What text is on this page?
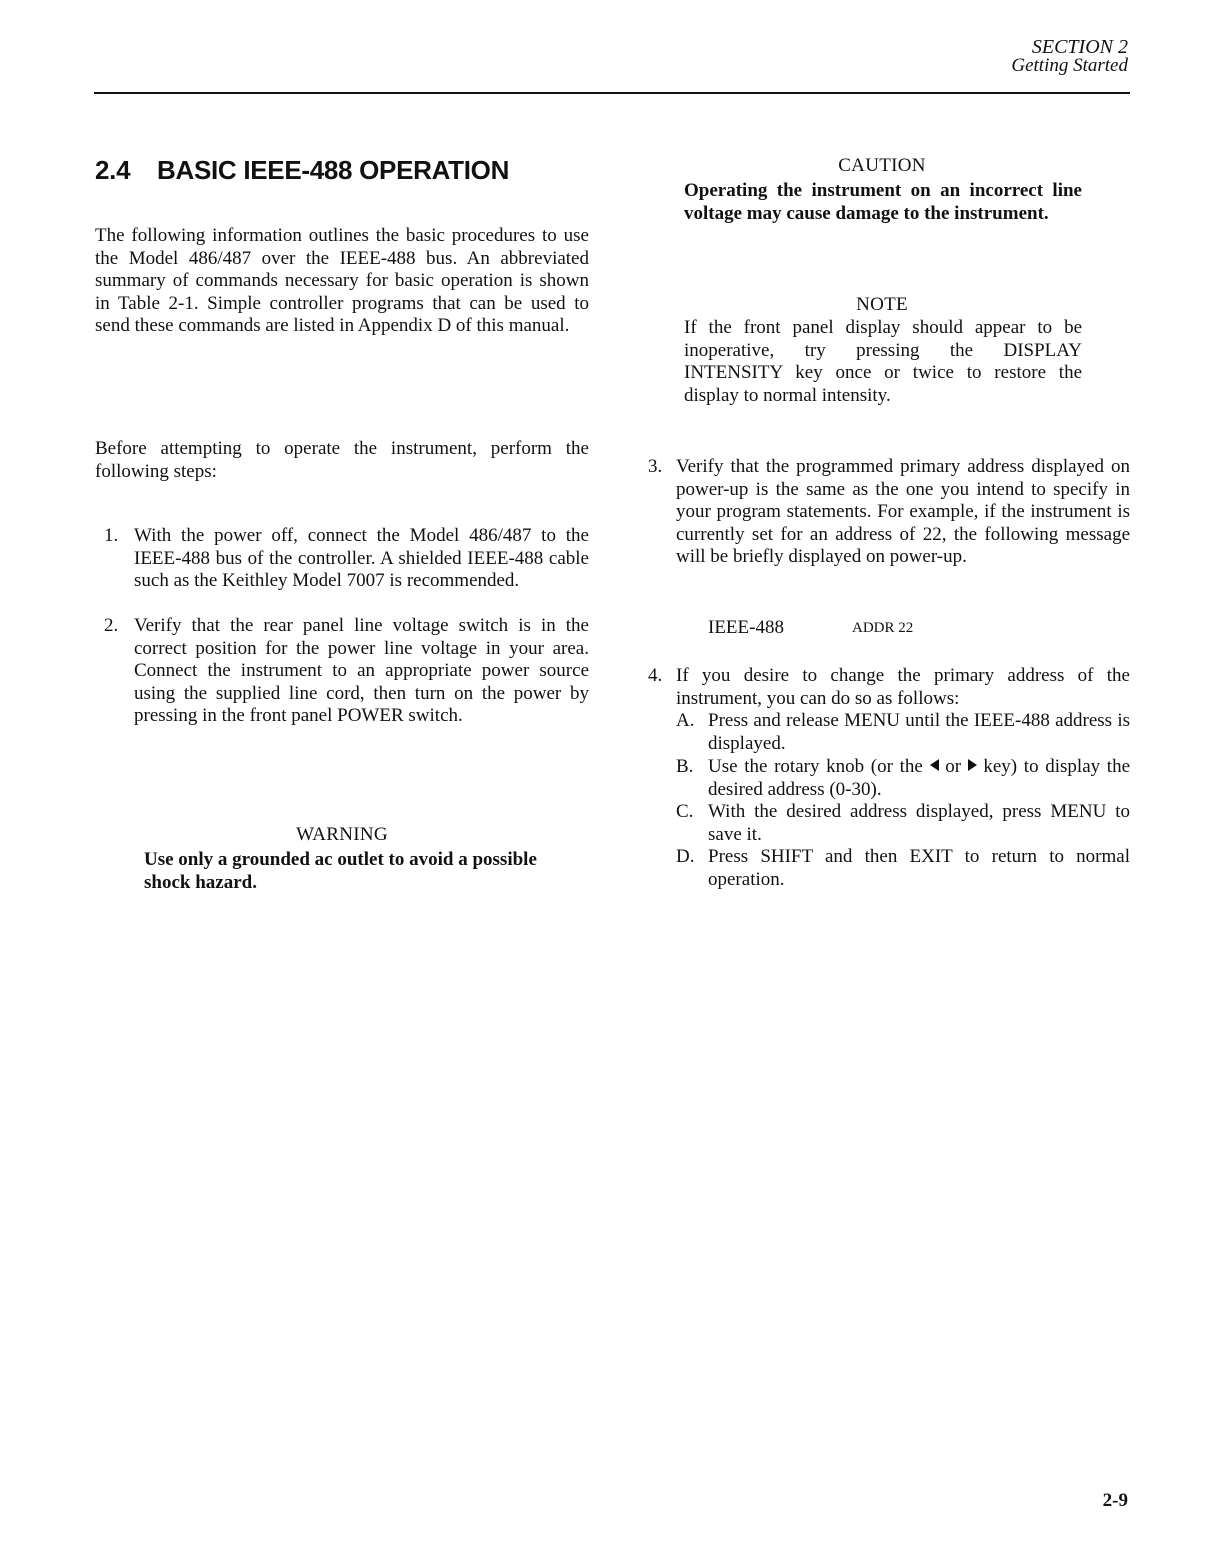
SECTION 2
Getting Started
2.4 BASIC IEEE-488 OPERATION
The following information outlines the basic procedures to use the Model 486/487 over the IEEE-488 bus. An abbreviated summary of commands necessary for basic operation is shown in Table 2-1. Simple controller programs that can be used to send these commands are listed in Appendix D of this manual.
Before attempting to operate the instrument, perform the following steps:
1. With the power off, connect the Model 486/487 to the IEEE-488 bus of the controller. A shielded IEEE-488 cable such as the Keithley Model 7007 is recommended.
2. Verify that the rear panel line voltage switch is in the correct position for the power line voltage in your area. Connect the instrument to an appropriate power source using the supplied line cord, then turn on the power by pressing in the front panel POWER switch.
WARNING
Use only a grounded ac outlet to avoid a possible shock hazard.
CAUTION
Operating the instrument on an incorrect line voltage may cause damage to the instrument.
NOTE
If the front panel display should appear to be inoperative, try pressing the DISPLAY INTENSITY key once or twice to restore the display to normal intensity.
3. Verify that the programmed primary address displayed on power-up is the same as the one you intend to specify in your program statements. For example, if the instrument is currently set for an address of 22, the following message will be briefly displayed on power-up.
IEEE-488	ADDR 22
4. If you desire to change the primary address of the instrument, you can do so as follows:
A. Press and release MENU until the IEEE-488 address is displayed.
B. Use the rotary knob (or the or key) to display the desired address (0-30).
C. With the desired address displayed, press MENU to save it.
D. Press SHIFT and then EXIT to return to normal operation.
2-9
